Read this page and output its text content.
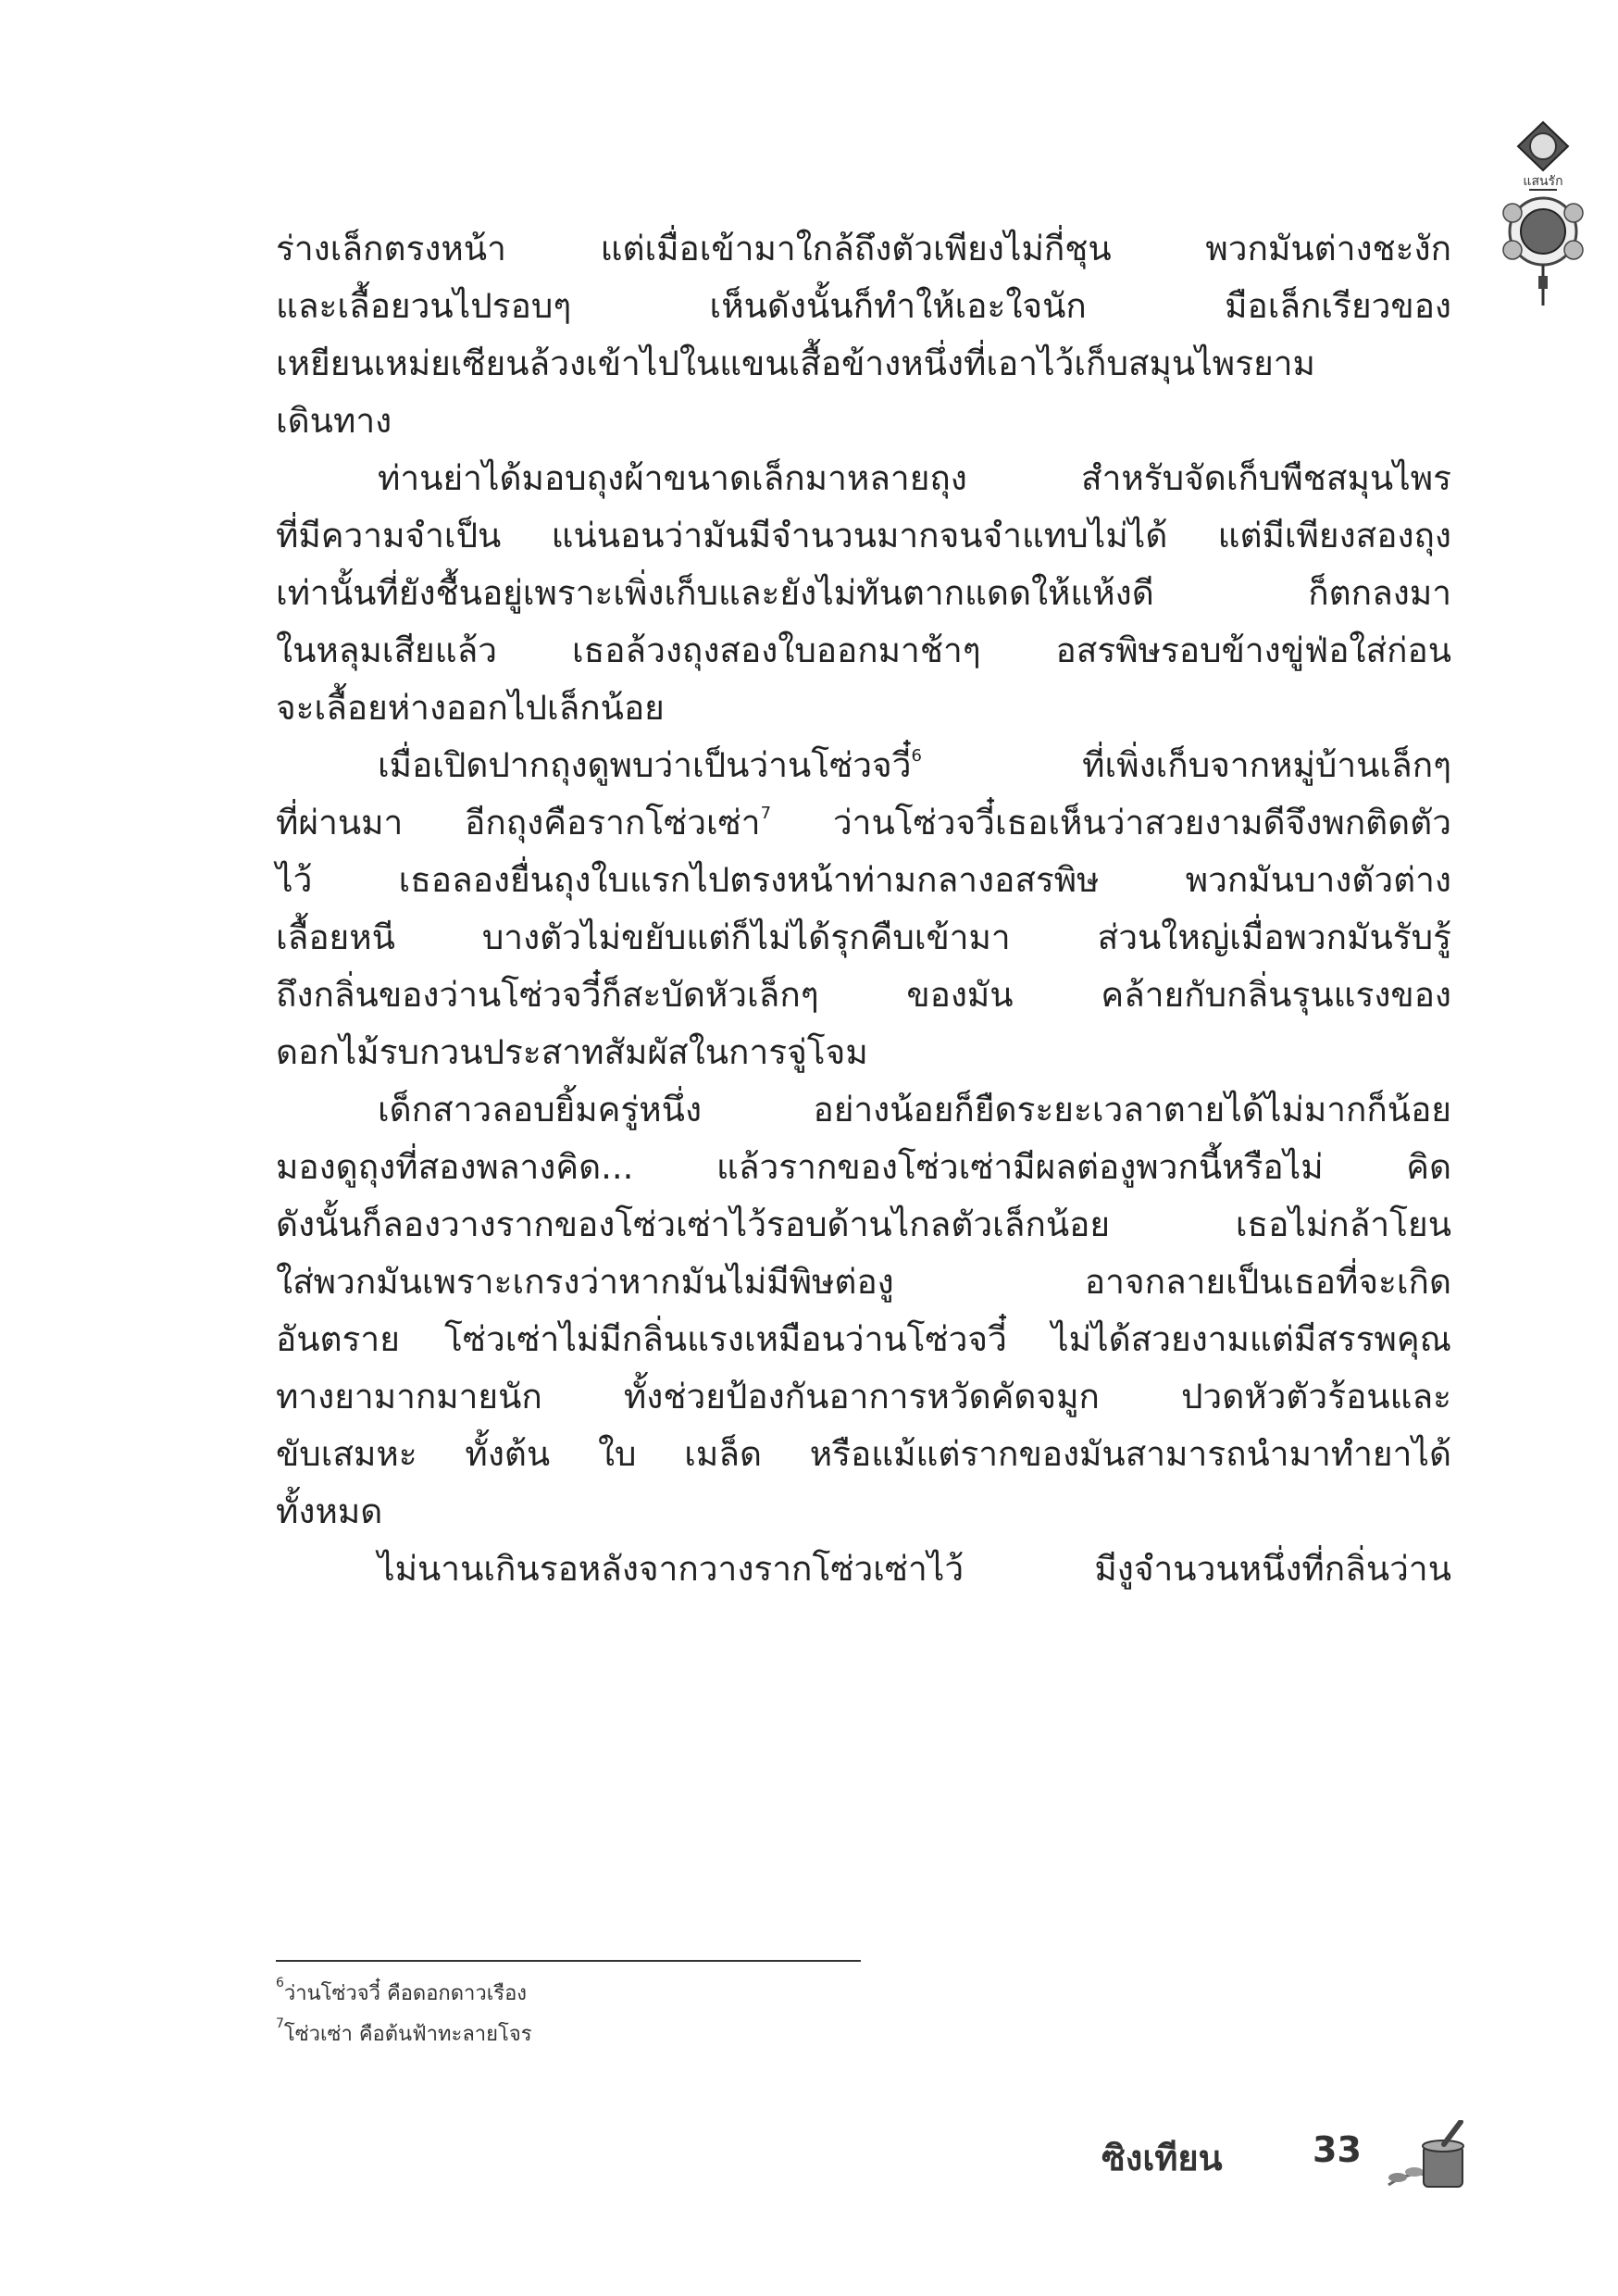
แสนรัก
ร่างเล็กตรงหน้า แต่เมื่อเข้ามาใกล้ถึงตัวเพียงไม่กี่ชุน พวกมันต่างชะงัก
และเลื้อยวนไปรอบๆ เห็นดังนั้นก็ทำให้เอะใจนัก มือเล็กเรียวของ
เหยียนเหม่ยเซียนล้วงเข้าไปในแขนเสื้อข้างหนึ่งที่เอาไว้เก็บสมุนไพรยาม
เดินทาง
ท่านย่าได้มอบถุงผ้าขนาดเล็กมาหลายถุง สำหรับจัดเก็บพืชสมุนไพร
ที่มีความจำเป็น แน่นอนว่ามันมีจำนวนมากจนจำแทบไม่ได้ แต่มีเพียงสองถุง
เท่านั้นที่ยังชื้นอยู่เพราะเพิ่งเก็บและยังไม่ทันตากแดดให้แห้งดี ก็ตกลงมา
ในหลุมเสียแล้ว เธอล้วงถุงสองใบออกมาช้าๆ อสรพิษรอบข้างขู่ฟ่อใส่ก่อน
จะเลื้อยห่างออกไปเล็กน้อย
เมื่อเปิดปากถุงดูพบว่าเป็นว่านโซ่วจวี๋$^6$	ที่เพิ่งเก็บจากหมู่บ้านเล็กๆ
ที่ผ่านมา อีกถุงคือรากโซ่วเซ่า$^7$ ว่านโซ่วจวี๋เธอเห็นว่าสวยงามดีจึงพกติดตัว
ไว้ เธอลองยื่นถุงใบแรกไปตรงหน้าท่ามกลางอสรพิษ พวกมันบางตัวต่าง
เลื้อยหนี บางตัวไม่ขยับแต่ก็ไม่ได้รุกคืบเข้ามา ส่วนใหญ่เมื่อพวกมันรับรู้
ถึงกลิ่นของว่านโซ่วจวี๋ก็สะบัดหัวเล็กๆ ของมัน คล้ายกับกลิ่นรุนแรงของ
ดอกไม้รบกวนประสาทสัมผัสในการจู่โจม
เด็กสาวลอบยิ้มครู่หนึ่ง อย่างน้อยก็ยืดระยะเวลาตายได้ไม่มากก็น้อย
มองดูถุงที่สองพลางคิด... แล้วรากของโซ่วเซ่ามีผลต่องูพวกนี้หรือไม่ คิด
ดังนั้นก็ลองวางรากของโซ่วเซ่าไว้รอบด้านไกลตัวเล็กน้อย เธอไม่กล้าโยน
ใส่พวกมันเพราะเกรงว่าหากมันไม่มีพิษต่องู อาจกลายเป็นเธอที่จะเกิด
อันตราย โซ่วเซ่าไม่มีกลิ่นแรงเหมือนว่านโซ่วจวี๋ ไม่ได้สวยงามแต่มีสรรพคุณ
ทางยามากมายนัก ทั้งช่วยป้องกันอาการหวัดคัดจมูก ปวดหัวตัวร้อนและ
ขับเสมหะ ทั้งต้น ใบ เมล็ด หรือแม้แต่รากของมันสามารถนำมาทำยาได้
ทั้งหมด
ไม่นานเกินรอหลังจากวางรากโซ่วเซ่าไว้ มีงูจำนวนหนึ่งที่กลิ่นว่าน
$^6$ว่านโซ่วจวี๋ คือดอกดาวเรือง
$^7$โซ่วเซ่า คือต้นฟ้าทะลายโจร
ซิงเทียน	33
